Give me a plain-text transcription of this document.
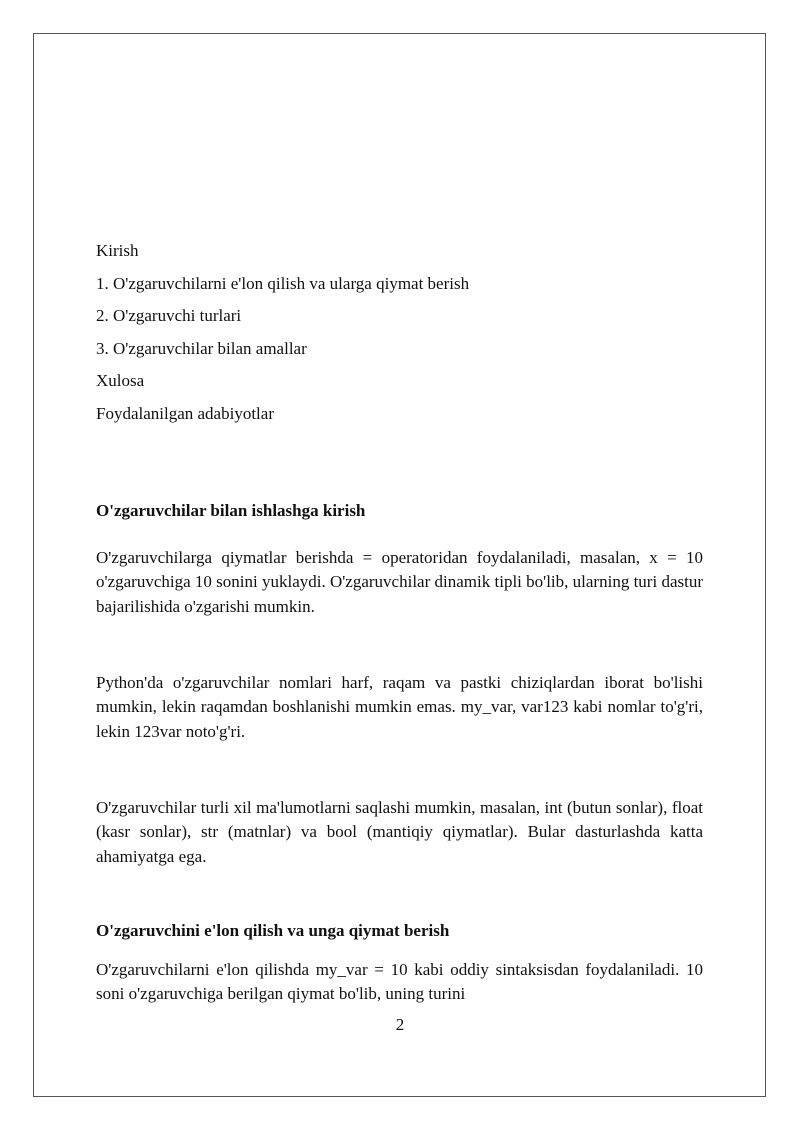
Kirish

1. O'zgaruvchilarni e'lon qilish va ularga qiymat berish

2. O'zgaruvchi turlari

3. O'zgaruvchilar bilan amallar

Xulosa

Foydalanilgan adabiyotlar

O'zgaruvchilar bilan ishlashga kirish

O'zgaruvchilarga qiymatlar berishda = operatoridan foydalaniladi, masalan, x = 10 o'zgaruvchiga 10 sonini yuklaydi. O'zgaruvchilar dinamik tipli bo'lib, ularning turi dastur bajarilishida o'zgarishi mumkin.

Python'da o'zgaruvchilar nomlari harf, raqam va pastki chiziqlardan iborat bo'lishi mumkin, lekin raqamdan boshlanishi mumkin emas. my_var, var123 kabi nomlar to'g'ri, lekin 123var noto'g'ri.

O'zgaruvchilar turli xil ma'lumotlarni saqlashi mumkin, masalan, int (butun sonlar), float (kasr sonlar), str (matnlar) va bool (mantiqiy qiymatlar). Bular dasturlashda katta ahamiyatga ega.

O'zgaruvchini e'lon qilish va unga qiymat berish

O'zgaruvchilarni e'lon qilishda my_var = 10 kabi oddiy sintaksisdan foydalaniladi. 10 soni o'zgaruvchiga berilgan qiymat bo'lib, uning turini

2
